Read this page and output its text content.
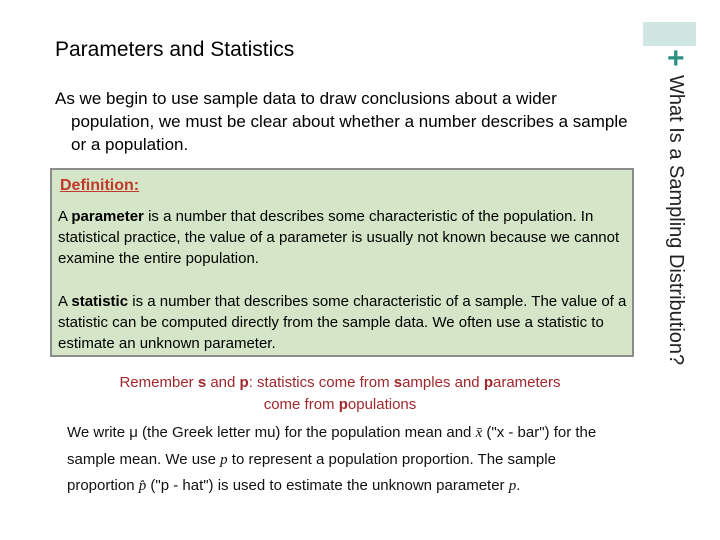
+
What Is a Sampling Distribution?
Parameters and Statistics
As we begin to use sample data to draw conclusions about a wider population, we must be clear about whether a number describes a sample or a population.
Definition:
A parameter is a number that describes some characteristic of the population. In statistical practice, the value of a parameter is usually not known because we cannot examine the entire population.
A statistic is a number that describes some characteristic of a sample. The value of a statistic can be computed directly from the sample data. We often use a statistic to estimate an unknown parameter.
Remember s and p: statistics come from samples and parameters come from populations
We write μ (the Greek letter mu) for the population mean and x̄ ("x - bar") for the sample mean. We use p to represent a population proportion. The sample proportion p̂ ("p - hat") is used to estimate the unknown parameter p.
